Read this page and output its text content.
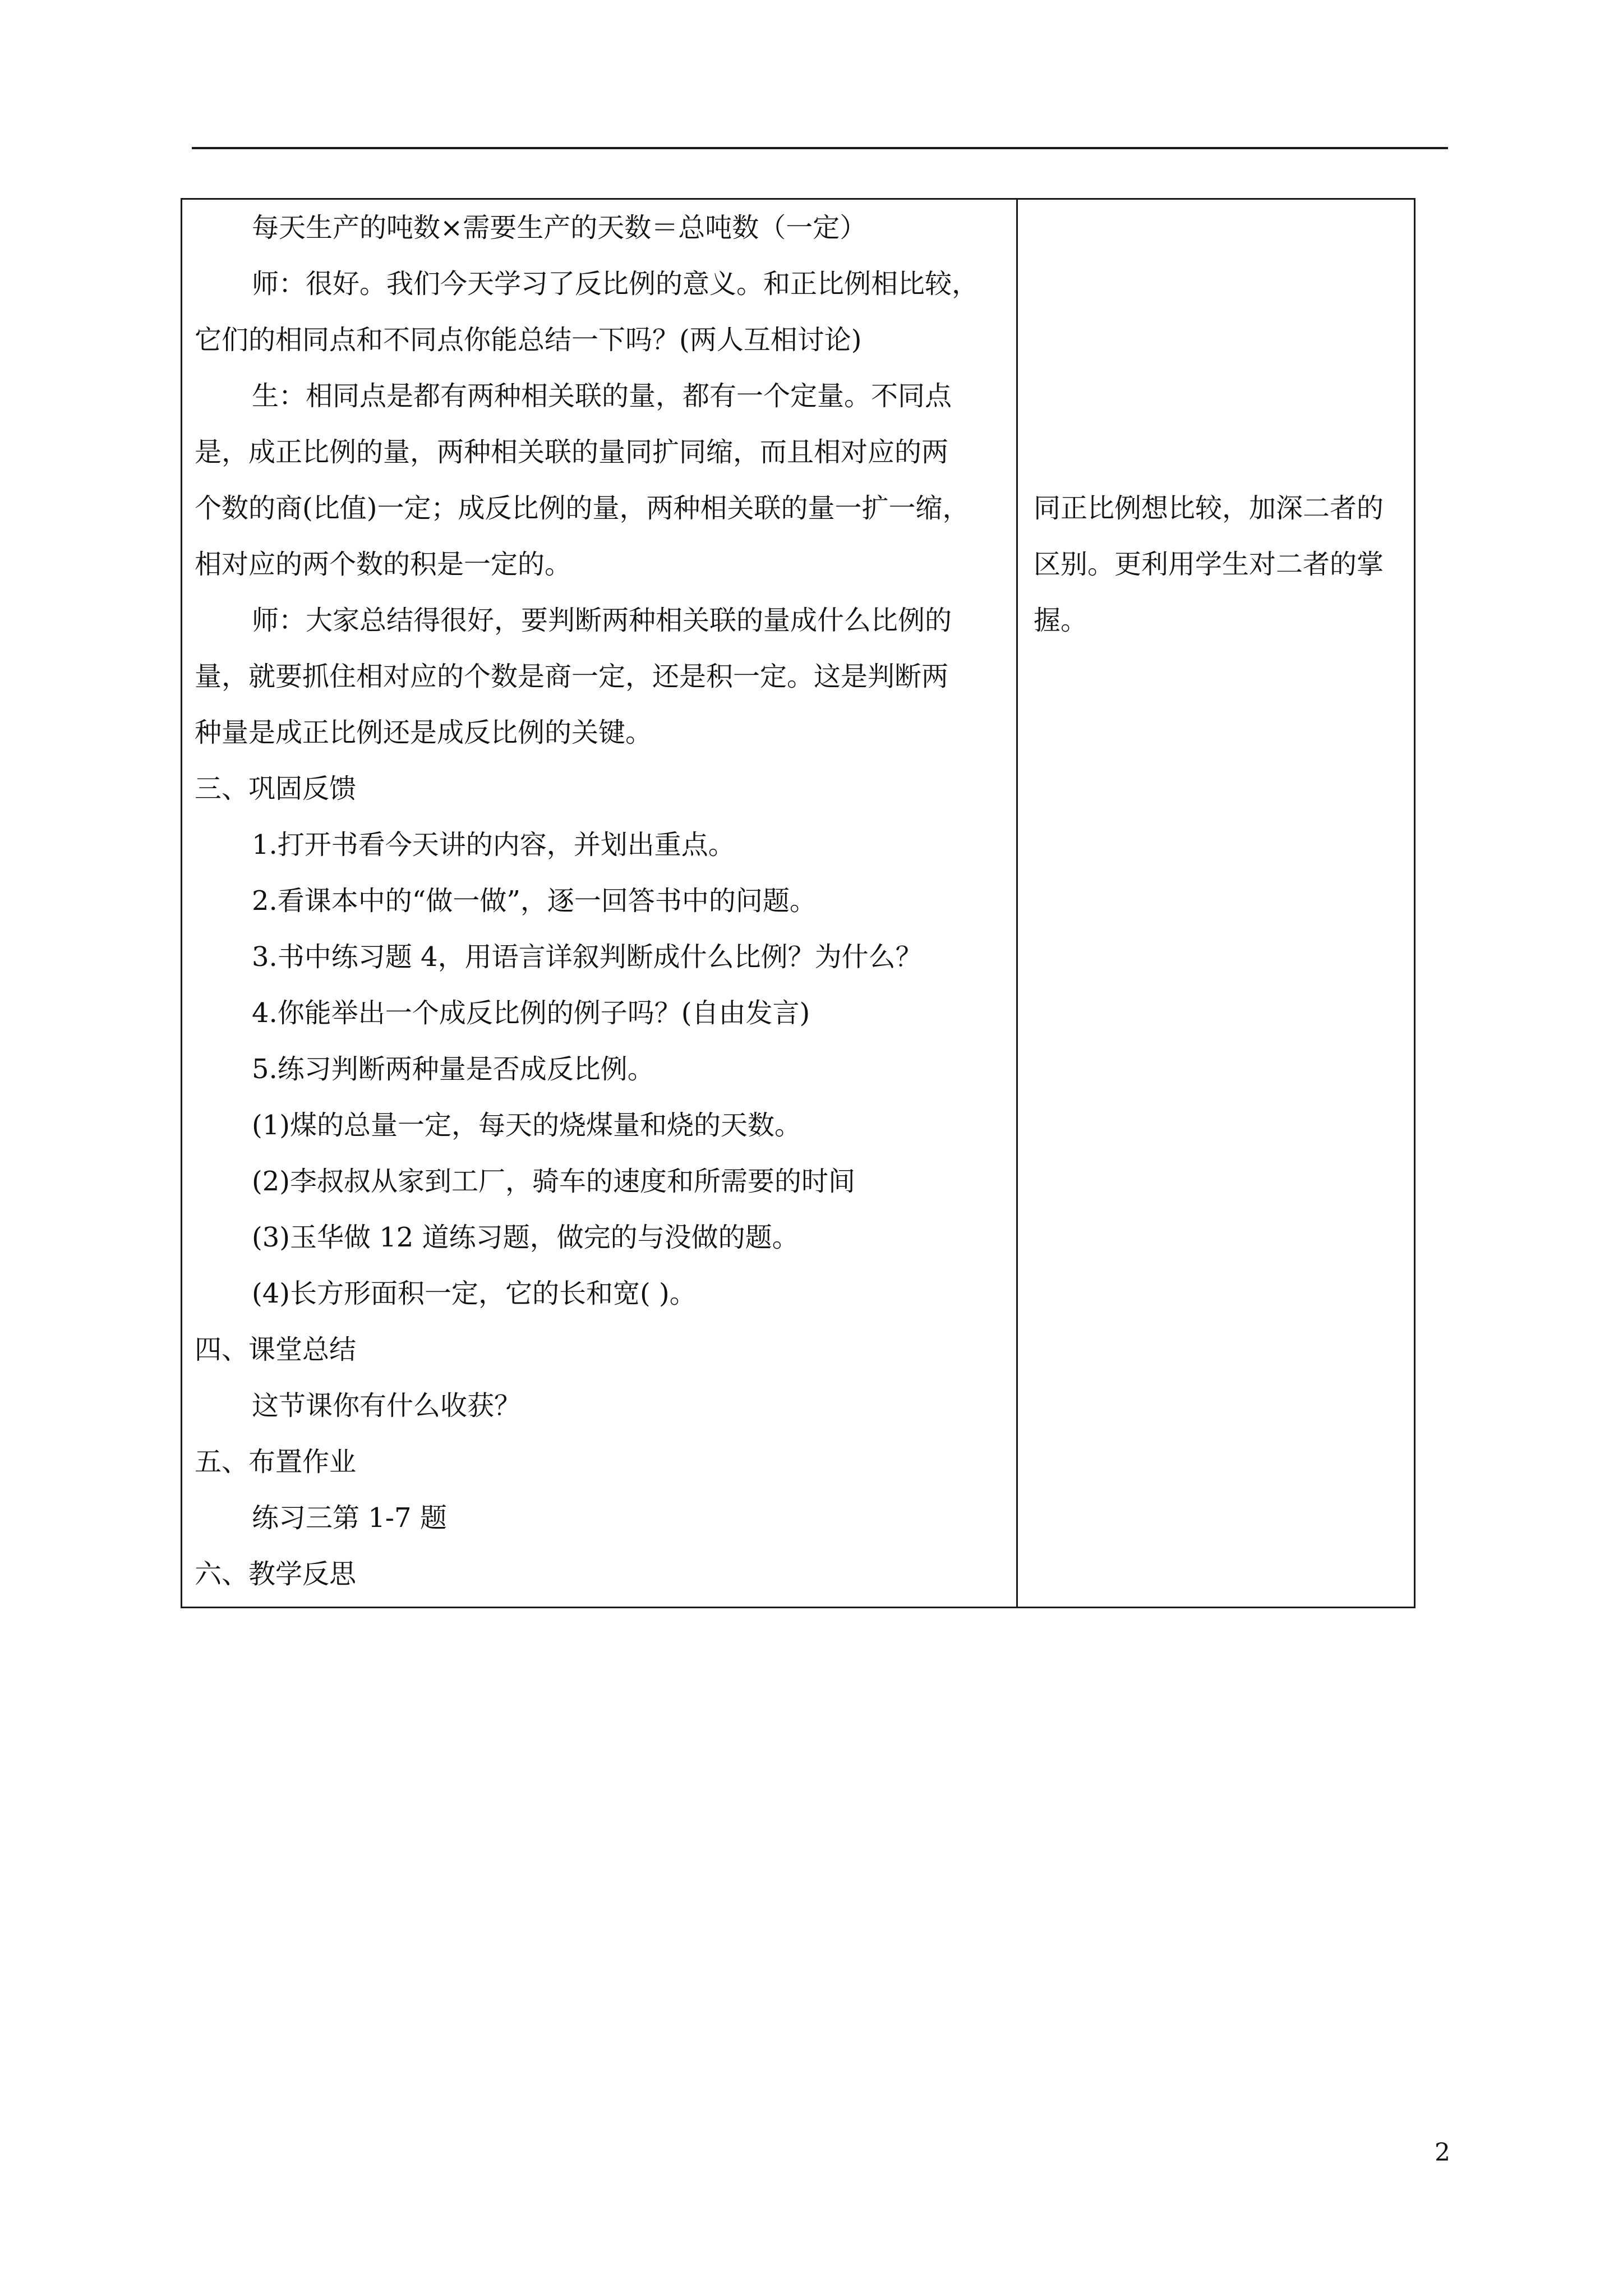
每天生产的吨数×需要生产的天数＝总吨数（一定）
师：很好。我们今天学习了反比例的意义。和正比例相比较，
它们的相同点和不同点你能总结一下吗？(两人互相讨论)
生：相同点是都有两种相关联的量，都有一个定量。不同点
是，成正比例的量，两种相关联的量同扩同缩，而且相对应的两
个数的商(比值)一定；成反比例的量，两种相关联的量一扩一缩，
相对应的两个数的积是一定的。
师：大家总结得很好，要判断两种相关联的量成什么比例的
量，就要抓住相对应的个数是商一定，还是积一定。这是判断两
种量是成正比例还是成反比例的关键。
三、巩固反馈
1.打开书看今天讲的内容，并划出重点。
2.看课本中的“做一做”，逐一回答书中的问题。
3.书中练习题 4，用语言详叙判断成什么比例？为什么？
4.你能举出一个成反比例的例子吗？(自由发言)
5.练习判断两种量是否成反比例。
(1)煤的总量一定，每天的烧煤量和烧的天数。
(2)李叔叔从家到工厂，骑车的速度和所需要的时间
(3)玉华做 12 道练习题，做完的与没做的题。
(4)长方形面积一定，它的长和宽( )。
四、课堂总结
这节课你有什么收获？
五、布置作业
练习三第 1-7 题
六、教学反思
同正比例想比较，加深二者的
区别。更利用学生对二者的掌
握。
2
